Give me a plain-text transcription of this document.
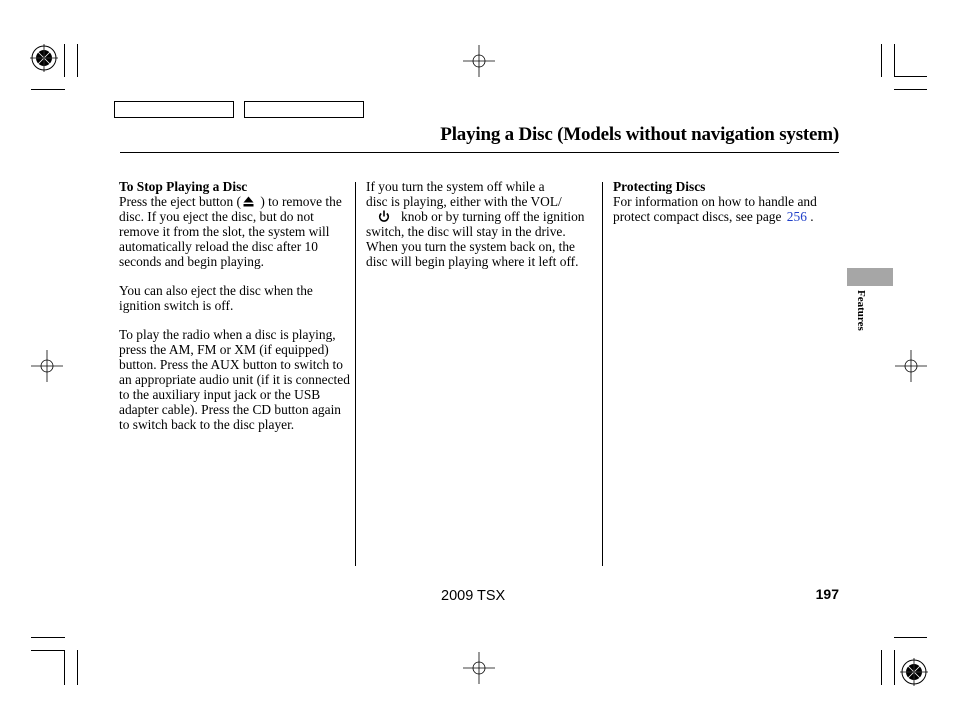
Playing a Disc (Models without navigation system)

To Stop Playing a Disc

Press the eject button ( ) to remove the disc. If you eject the disc, but do not remove it from the slot, the system will automatically reload the disc after 10 seconds and begin playing.

You can also eject the disc when the ignition switch is off.

To play the radio when a disc is playing, press the AM, FM or XM (if equipped) button. Press the AUX button to switch to an appropriate audio unit (if it is connected to the auxiliary input jack or the USB adapter cable). Press the CD button again to switch back to the disc player.

If you turn the system off while a

disc is playing, either with the VOL/

knob or by turning off the ignition switch, the disc will stay in the drive. When you turn the system back on, the disc will begin playing where it left off.

Protecting Discs

For information on how to handle and protect compact discs, see page 256 .

Features
2009 TSX	197
